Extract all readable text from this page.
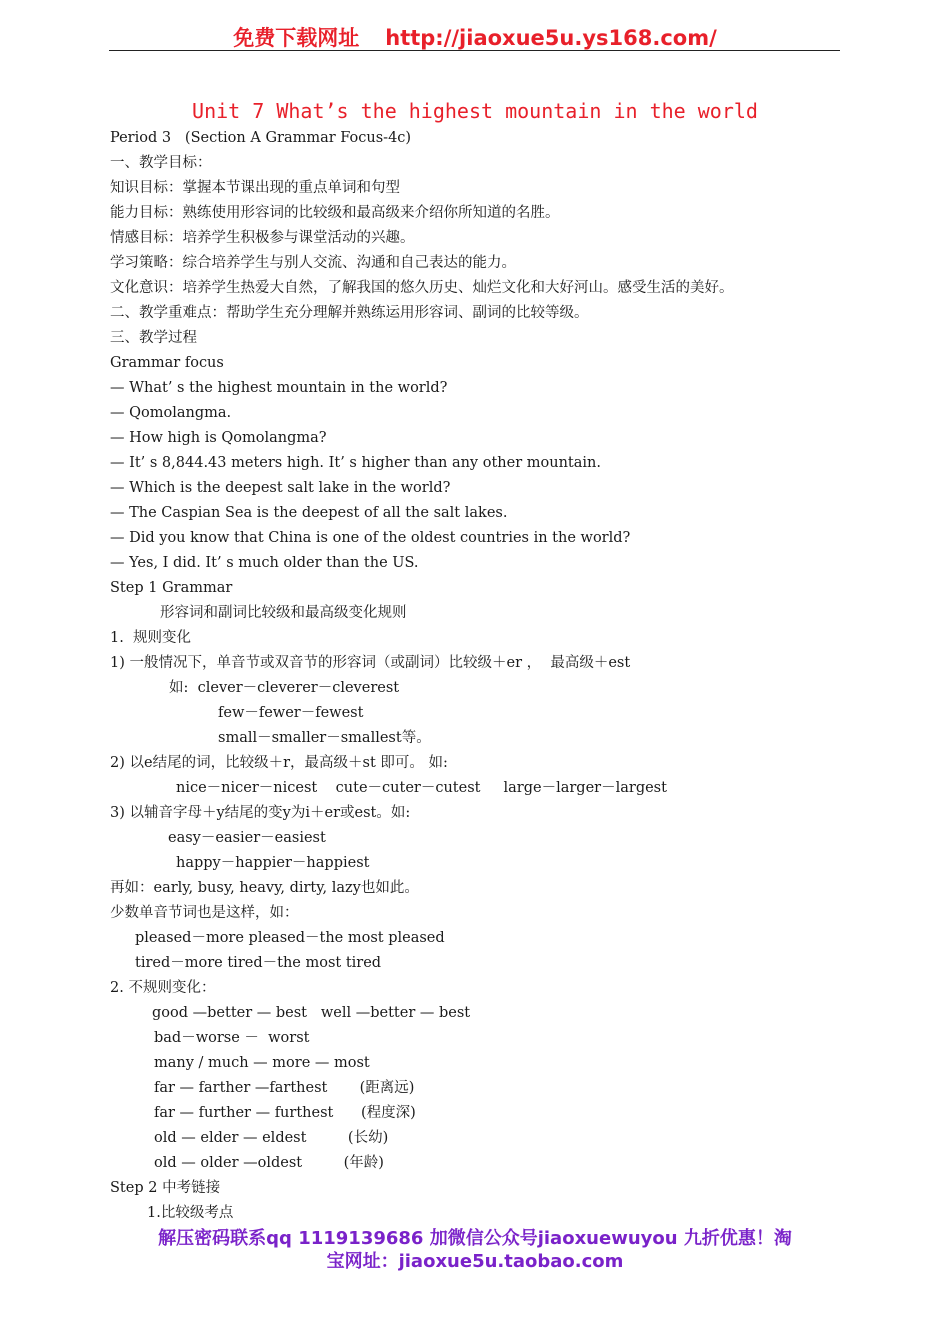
免费下载网址 http://jiaoxue5u.ys168.com/
Unit 7 What’s the highest mountain in the world
Period 3   (Section A Grammar Focus-4c)
一、教学目标：
知识目标：掌握本节课出现的重点单词和句型
能力目标：熟练使用形容词的比较级和最高级来介绍你所知道的名胜。
情感目标：培养学生积极参与课堂活动的兴趣。
学习策略：综合培养学生与别人交流、沟通和自己表达的能力。
文化意识：培养学生热爱大自然，了解我国的悠久历史、灿烂文化和大好河山。感受生活的美好。
二、教学重难点：帮助学生充分理解并熟练运用形容词、副词的比较等级。
三、教学过程
Grammar focus
— What’ s the highest mountain in the world?
— Qomolangma.
— How high is Qomolangma?
— It’ s 8,844.43 meters high. It’ s higher than any other mountain.
— Which is the deepest salt lake in the world?
— The Caspian Sea is the deepest of all the salt lakes.
— Did you know that China is one of the oldest countries in the world?
— Yes, I did. It’ s much older than the US.
Step 1 Grammar
形容词和副词比较级和最高级变化规则
1.  规则变化
1) 一般情况下，单音节或双音节的形容词（或副词）比较级＋er ，  最高级＋est
如:  clever－cleverer－cleverest
few－fewer－fewest
small－smaller－smallest等。
2) 以e结尾的词，比较级＋r，最高级＋st 即可。 如:
nice－nicer－nicest    cute－cuter－cutest     large－larger－largest
3) 以辅音字母＋y结尾的变y为i＋er或est。如:
easy－easier－easiest
happy－happier－happiest
再如：early, busy, heavy, dirty, lazy也如此。
少数单音节词也是这样，如：
pleased－more pleased－the most pleased
tired－more tired－the most tired
2. 不规则变化：
good —better — best   well —better — best
bad－worse －  worst
many / much — more — most
far — farther —farthest       (距离远)
far — further — furthest      (程度深)
old — elder — eldest         (长幼)
old — older —oldest         (年龄)
Step 2 中考链接
1.比较级考点
解压密码联系qq 1119139686 加微信公众号jiaoxuewuyou 九折优惠！淘
宝网址：jiaoxue5u.taobao.com
